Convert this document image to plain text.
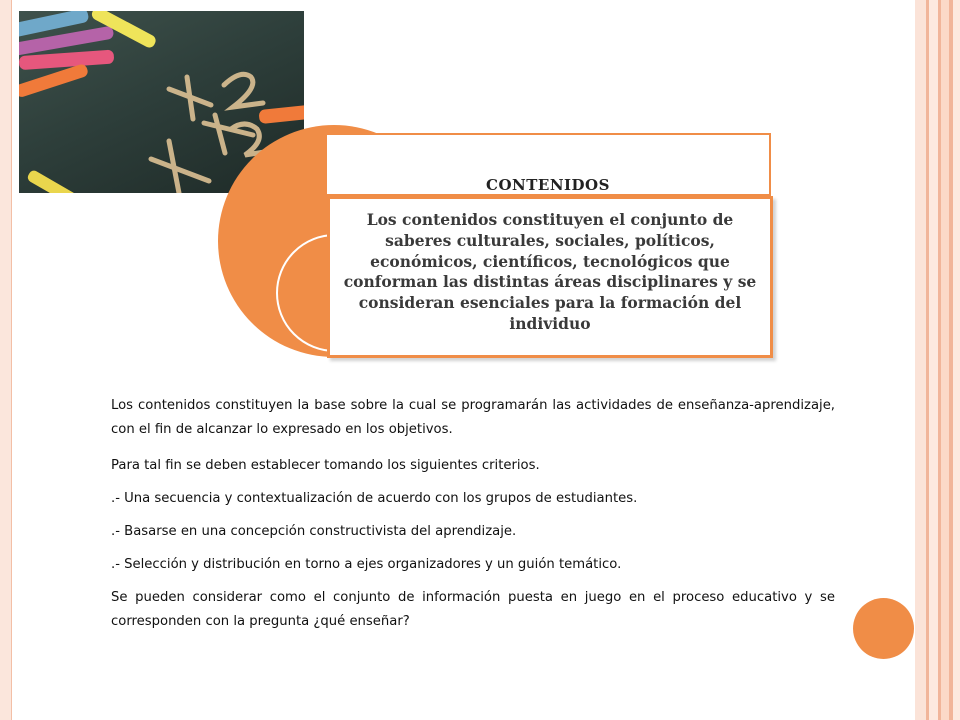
CONTENIDOS
Los contenidos constituyen el conjunto de saberes culturales, sociales, políticos, económicos, científicos, tecnológicos que conforman las distintas áreas disciplinares y se consideran esenciales para la formación del individuo

Los contenidos constituyen la base sobre la cual se programarán las actividades de enseñanza-aprendizaje, con el fin de alcanzar lo expresado en los objetivos.

Para tal fin se deben establecer tomando los siguientes criterios.

.- Una secuencia y contextualización de acuerdo con los grupos de estudiantes.

.- Basarse en una concepción constructivista del aprendizaje.

.- Selección y distribución en torno a ejes organizadores y un guión temático.

Se pueden considerar como el conjunto de información puesta en juego en el proceso educativo y se corresponden con la pregunta ¿qué enseñar?
